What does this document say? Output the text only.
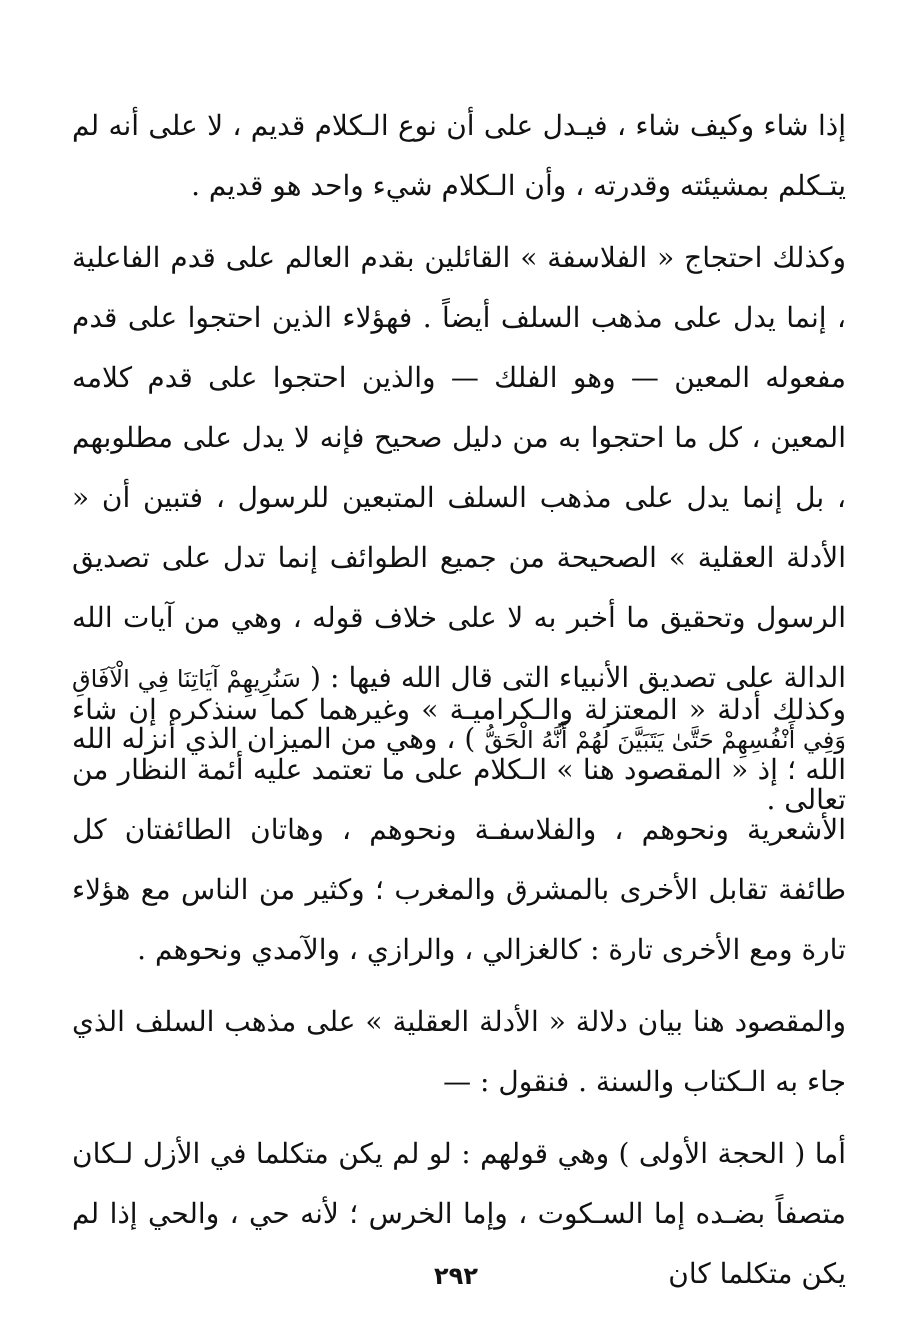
إذا شاء وكيف شاء ، فيـدل على أن نوع الـكلام قديم ، لا على أنه لم يتـكلم بمشيئته وقدرته ، وأن الـكلام شيء واحد هو قديم .
وكذلك احتجاج « الفلاسفة » القائلين بقدم العالم على قدم الفاعلية ، إنما يدل على مذهب السلف أيضاً . فهؤلاء الذين احتجوا على قدم مفعوله المعين — وهو الفلك — والذين احتجوا على قدم كلامه المعين ، كل ما احتجوا به من دليل صحيح فإنه لا يدل على مطلوبهم ، بل إنما يدل على مذهب السلف المتبعين للرسول ، فتبين أن « الأدلة العقلية » الصحيحة من جميع الطوائف إنما تدل على تصديق الرسول وتحقيق ما أخبر به لا على خلاف قوله ، وهي من آيات الله الدالة على تصديق الأنبياء التى قال الله فيها : ( سَنُرِيهِمْ آيَاتِنَا فِي الْآفَاقِ وَفِي أَنْفُسِهِمْ حَتَّىٰ يَتَبَيَّنَ لَهُمْ أَنَّهُ الْحَقُّ ) ، وهي من الميزان الذي أنزله الله تعالى .
وكذلك أدلة « المعتزلة والـكراميـة » وغيرهما كما سنذكره إن شاء الله ؛ إذ « المقصود هنا » الـكلام على ما تعتمد عليه أئمة النظار من الأشعرية ونحوهم ، والفلاسفـة ونحوهم ، وهاتان الطائفتان كل طائفة تقابل الأخرى بالمشرق والمغرب ؛ وكثير من الناس مع هؤلاء تارة ومع الأخرى تارة : كالغزالي ، والرازي ، والآمدي ونحوهم .
والمقصود هنا بيان دلالة « الأدلة العقلية » على مذهب السلف الذي جاء به الـكتاب والسنة . فنقول : —
أما ( الحجة الأولى ) وهي قولهم : لو لم يكن متكلما في الأزل لـكان متصفاً بضـده إما السـكوت ، وإما الخرس ؛ لأنه حي ، والحي إذا لم يكن متكلما كان
٢٩٢
